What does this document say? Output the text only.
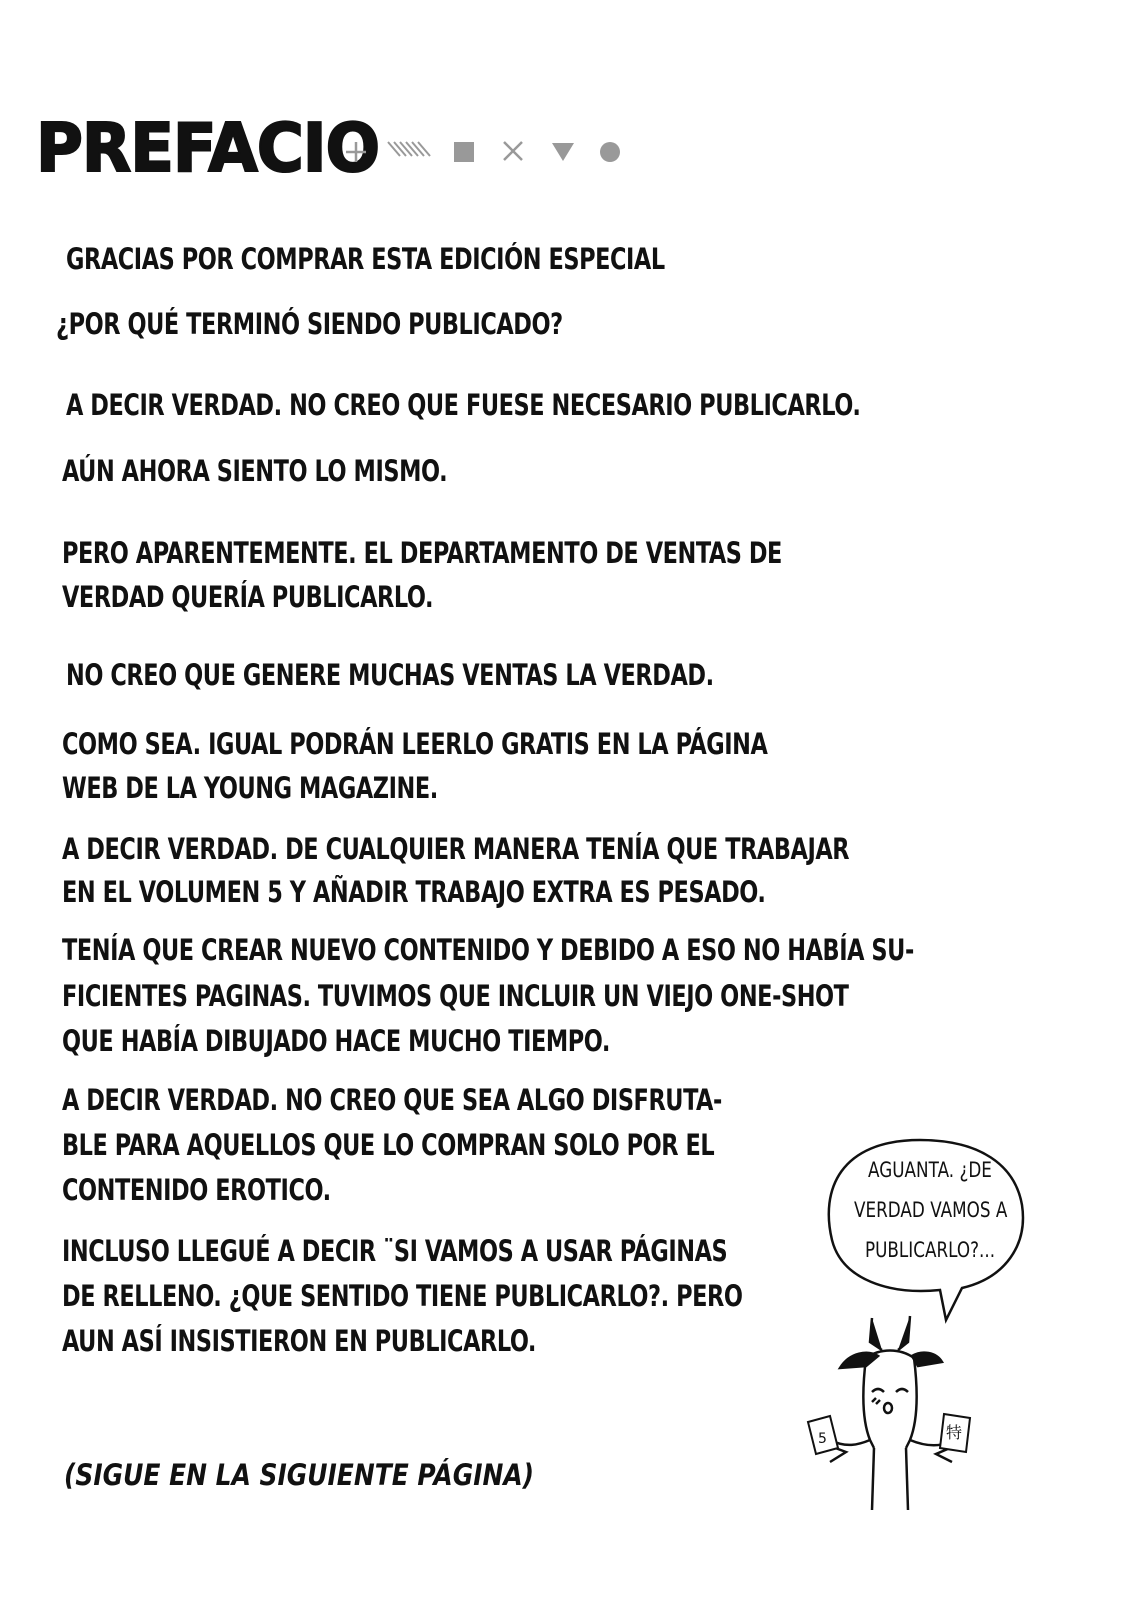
PREFACIO

GRACIAS POR COMPRAR ESTA EDICIÓN ESPECIAL

¿POR QUÉ TERMINÓ SIENDO PUBLICADO?

A DECIR VERDAD. NO CREO QUE FUESE NECESARIO PUBLICARLO.

AÚN AHORA SIENTO LO MISMO.

PERO APARENTEMENTE. EL DEPARTAMENTO DE VENTAS DE

VERDAD QUERÍA PUBLICARLO.

NO CREO QUE GENERE MUCHAS VENTAS LA VERDAD.

COMO SEA. IGUAL PODRÁN LEERLO GRATIS EN LA PÁGINA

WEB DE LA YOUNG MAGAZINE.

A DECIR VERDAD. DE CUALQUIER MANERA TENÍA QUE TRABAJAR

EN EL VOLUMEN 5 Y AÑADIR TRABAJO EXTRA ES PESADO.

TENÍA QUE CREAR NUEVO CONTENIDO Y DEBIDO A ESO NO HABÍA SU-

FICIENTES PAGINAS. TUVIMOS QUE INCLUIR UN VIEJO ONE-SHOT

QUE HABÍA DIBUJADO HACE MUCHO TIEMPO.

A DECIR VERDAD. NO CREO QUE SEA ALGO DISFRUTA-

BLE PARA AQUELLOS QUE LO COMPRAN SOLO POR EL

CONTENIDO EROTICO.

INCLUSO LLEGUÉ A DECIR ¨SI VAMOS A USAR PÁGINAS

DE RELLENO. ¿QUE SENTIDO TIENE PUBLICARLO?. PERO

AUN ASÍ INSISTIERON EN PUBLICARLO.

(SIGUE EN LA SIGUIENTE PÁGINA)
5	特

AGUANTA. ¿DE

VERDAD VAMOS A

PUBLICARLO?...
